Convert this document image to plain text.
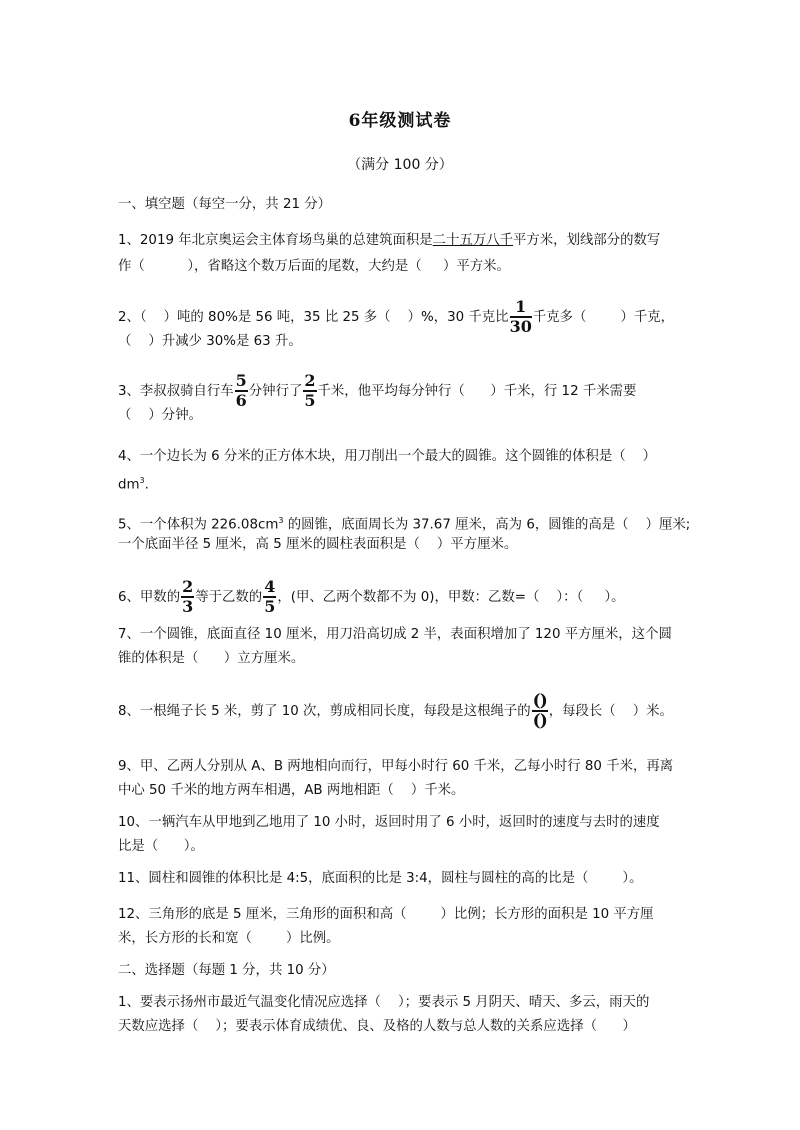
6年级测试卷
（满分 100 分）
一、填空题（每空一分，共 21 分）
1、2019 年北京奥运会主体育场鸟巢的总建筑面积是二十五万八千平方米，划线部分的数写
作（          ），省略这个数万后面的尾数，大约是（     ）平方米。
2、（    ）吨的 80%是 56 吨，35 比 25 多（    ）%，30 千克比 $\frac{1}{30}$ 千克多（        ）千克，
（    ）升减少 30%是 63 升。
3、李叔叔骑自行车 $\frac{5}{6}$ 分钟行了 $\frac{2}{5}$ 千米，他平均每分钟行（      ）千米，行 12 千米需要
（    ）分钟。
4、一个边长为 6 分米的正方体木块，用刀削出一个最大的圆锥。这个圆锥的体积是（    ）
$dm^3$.
5、一个体积为 $226.08cm^3$ 的圆锥，底面周长为 37.67 厘米，高为 6，圆锥的高是（    ）厘米;
一个底面半径 5 厘米，高 5 厘米的圆柱表面积是（    ）平方厘米。
6、甲数的 $\frac{2}{3}$ 等于乙数的 $\frac{4}{5}$ ，(甲、乙两个数都不为 0)，甲数：乙数=（    ）：（     ）。
7、一个圆锥，底面直径 10 厘米，用刀沿高切成 2 半，表面积增加了 120 平方厘米，这个圆
锥的体积是（      ）立方厘米。
8、一根绳子长 5 米，剪了 10 次，剪成相同长度，每段是这根绳子的 $\frac{()}{()}$ ，每段长（    ）米。
9、甲、乙两人分别从 A、B 两地相向而行，甲每小时行 60 千米，乙每小时行 80 千米，再离
中心 50 千米的地方两车相遇，AB 两地相距（    ）千米。
10、一辆汽车从甲地到乙地用了 10 小时，返回时用了 6 小时，返回时的速度与去时的速度
比是（      ）。
11、圆柱和圆锥的体积比是 4:5，底面积的比是 3:4，圆柱与圆柱的高的比是（        ）。
12、三角形的底是 5 厘米，三角形的面积和高（        ）比例；长方形的面积是 10 平方厘
米，长方形的长和宽（        ）比例。
二、选择题（每题 1 分，共 10 分）
1、要表示扬州市最近气温变化情况应选择（    ）；要表示 5 月阴天、晴天、多云，雨天的
天数应选择（    ）；要表示体育成绩优、良、及格的人数与总人数的关系应选择（      ）
